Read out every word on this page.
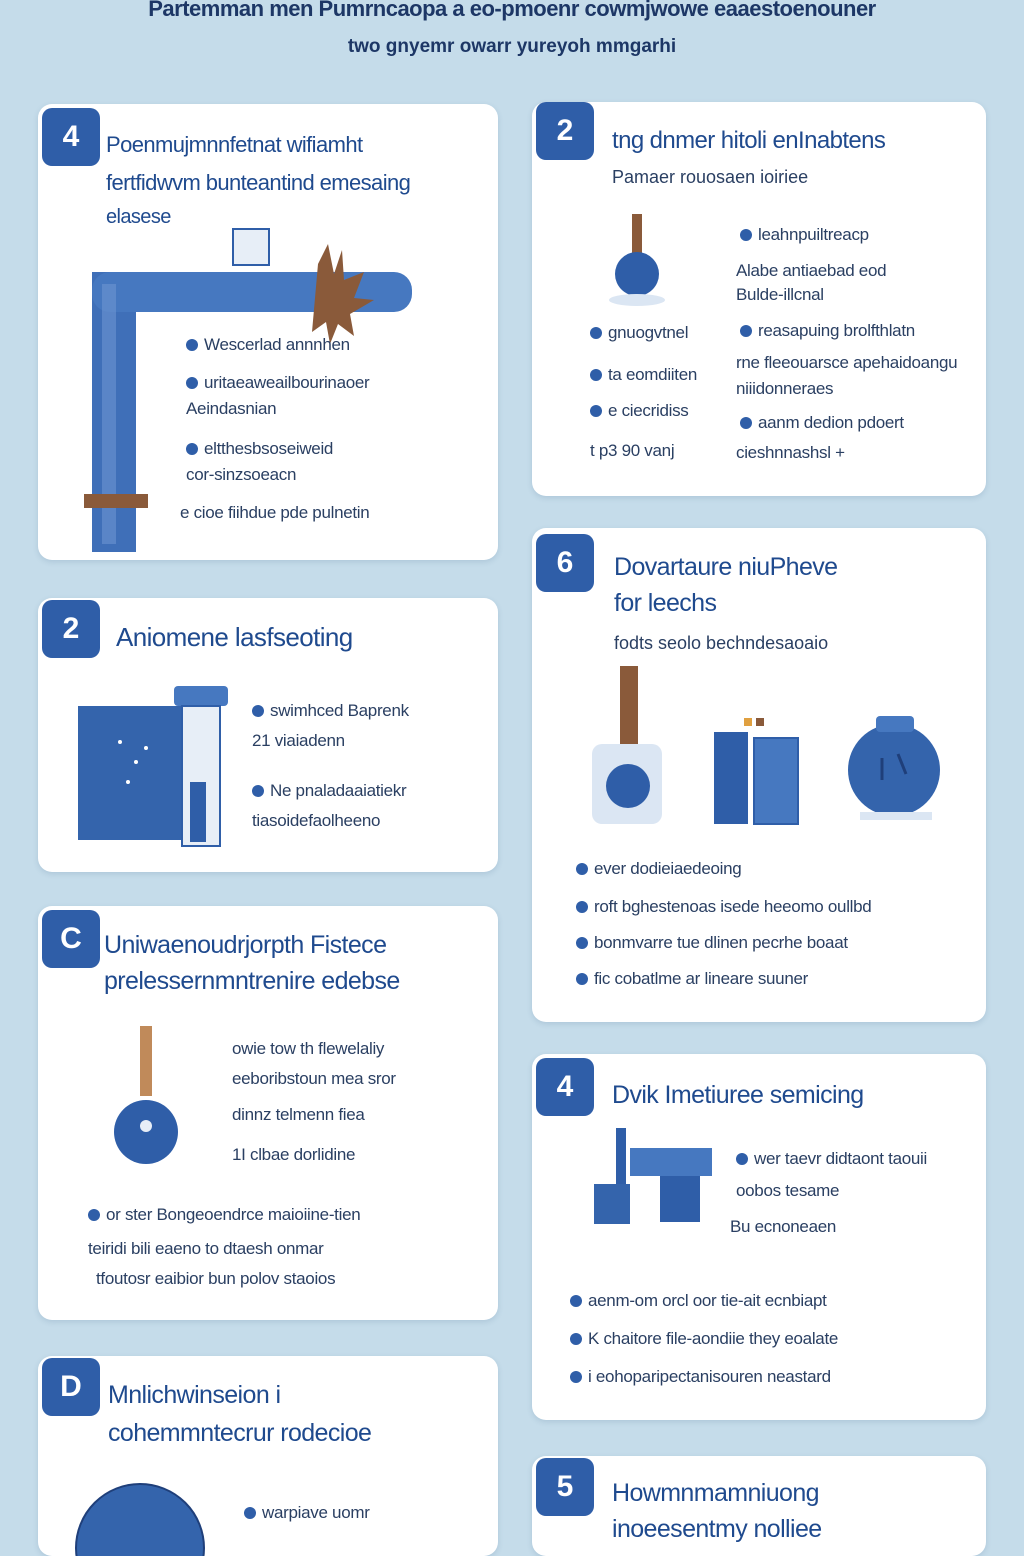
Partemman men Pumrncaopa a eo-pmoenr cowmjwowe eaaestoenouner
two gnyemr owarr yureyoh mmgarhi
4	Poenmujmnnfetnat wifiamht
fertfidwvm bunteantind emesaing
elasese
Wescerlad annnhen
uritaeaweailbourinaoer
Aeindasnian
eltthesbsoseiweid
cor-sinzsoeacn
e cioe fiihdue pde pulnetin
2	tng dnmer hitoli enInabtens
Pamaer rouosaen ioiriee
leahnpuiltreacp
Alabe antiaebad eod
Bulde-illcnal
reasapuing brolfthlatn
rne fleeouarsce apehaidoangu
niiidonneraes
aanm dedion pdoert
cieshnnashsl +
gnuogvtnel
ta eomdiiten
e ciecridiss
t p3 90 vanj
2	Aniomene lasfseoting
swimhced Baprenk
21 viaiadenn
Ne pnaladaaiatiekr
tiasoidefaolheeno
6	Dovartaure niuPheve
for leechs
fodts seolo bechndesaoaio
ever dodieiaedeoing
roft bghestenoas isede heeomo oullbd
bonmvarre tue dlinen pecrhe boaat
fic cobatlme ar lineare suuner
C Uniwaenoudrjorpth Fistece
prelessernmntrenire edebse
owie tow th flewelaliy
eeboribstoun mea sror
dinnz telmenn fiea
1I clbae dorlidine
or ster Bongeoendrce maioiine-tien
teiridi bili eaeno to dtaesh onmar
tfoutosr eaibior bun polov staoios
4	Dvik Imetiuree semicing
wer taevr didtaont taouii
oobos tesame
Bu ecnoneaen
aenm-om orcl oor tie-ait ecnbiapt
K chaitore file-aondiie they eoalate
i eohoparipectanisouren neastard
D	Mnlichwinseion i
cohemmntecrur rodecioe
warpiave uomr
5	Howmnmamniuong
inoeesentmy nolliee
